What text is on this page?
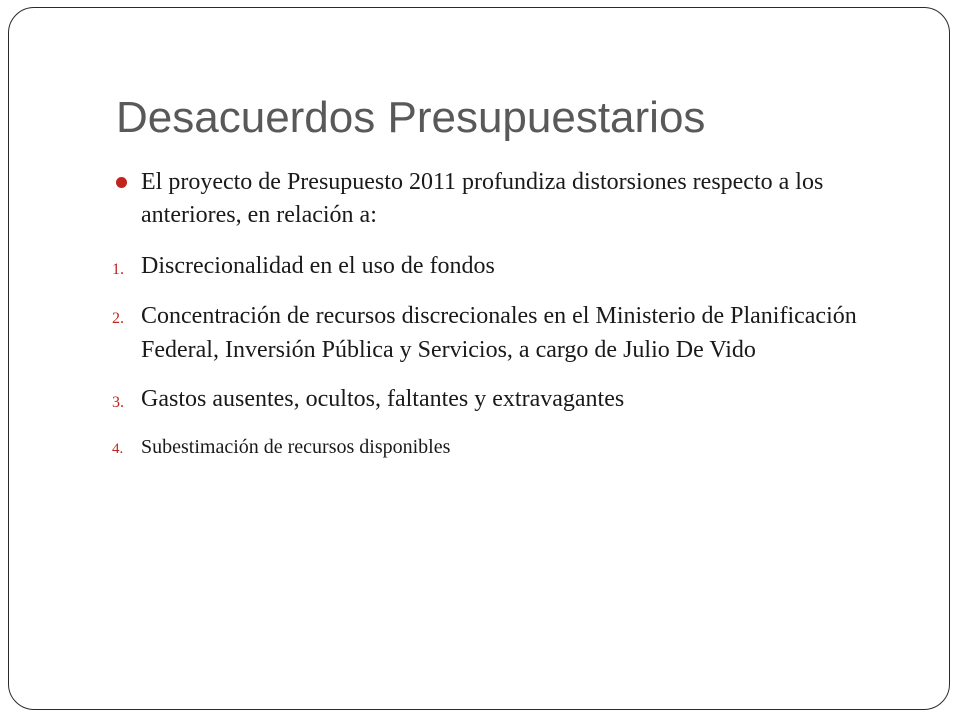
Desacuerdos Presupuestarios
El proyecto de Presupuesto 2011 profundiza distorsiones respecto a los anteriores, en relación a:
1. Discrecionalidad en el uso de fondos
2. Concentración de recursos discrecionales en el Ministerio de Planificación Federal, Inversión Pública y Servicios, a cargo de Julio De Vido
3. Gastos ausentes, ocultos, faltantes y extravagantes
4. Subestimación de recursos disponibles
